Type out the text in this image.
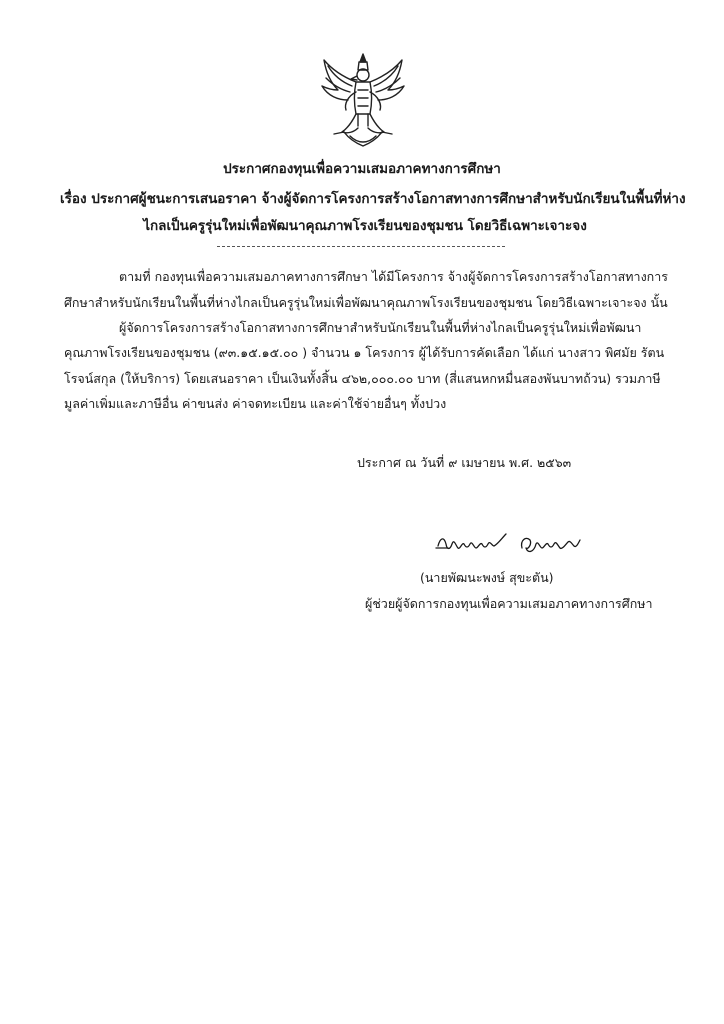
ประกาศกองทุนเพื่อความเสมอภาคทางการศึกษา
เรื่อง ประกาศผู้ชนะการเสนอราคา จ้างผู้จัดการโครงการสร้างโอกาสทางการศึกษาสำหรับนักเรียนในพื้นที่ห่าง
ไกลเป็นครูรุ่นใหม่เพื่อพัฒนาคุณภาพโรงเรียนของชุมชน โดยวิธีเฉพาะเจาะจง
ตามที่ กองทุนเพื่อความเสมอภาคทางการศึกษา ได้มีโครงการ จ้างผู้จัดการโครงการสร้างโอกาสทางการ
ศึกษาสำหรับนักเรียนในพื้นที่ห่างไกลเป็นครูรุ่นใหม่เพื่อพัฒนาคุณภาพโรงเรียนของชุมชน โดยวิธีเฉพาะเจาะจง นั้น
ผู้จัดการโครงการสร้างโอกาสทางการศึกษาสำหรับนักเรียนในพื้นที่ห่างไกลเป็นครูรุ่นใหม่เพื่อพัฒนา
คุณภาพโรงเรียนของชุมชน (๙๓.๑๕.๑๕.๐๐ ) จำนวน ๑ โครงการ ผู้ได้รับการคัดเลือก ได้แก่ นางสาว พิศมัย รัตน
โรจน์สกุล (ให้บริการ) โดยเสนอราคา เป็นเงินทั้งสิ้น ๔๖๒,๐๐๐.๐๐ บาท (สี่แสนหกหมื่นสองพันบาทถ้วน) รวมภาษี
มูลค่าเพิ่มและภาษีอื่น ค่าขนส่ง ค่าจดทะเบียน และค่าใช้จ่ายอื่นๆ ทั้งปวง
ประกาศ ณ วันที่ ๙ เมษายน พ.ศ. ๒๕๖๓
(นายพัฒนะพงษ์ สุขะตัน)
ผู้ช่วยผู้จัดการกองทุนเพื่อความเสมอภาคทางการศึกษา
